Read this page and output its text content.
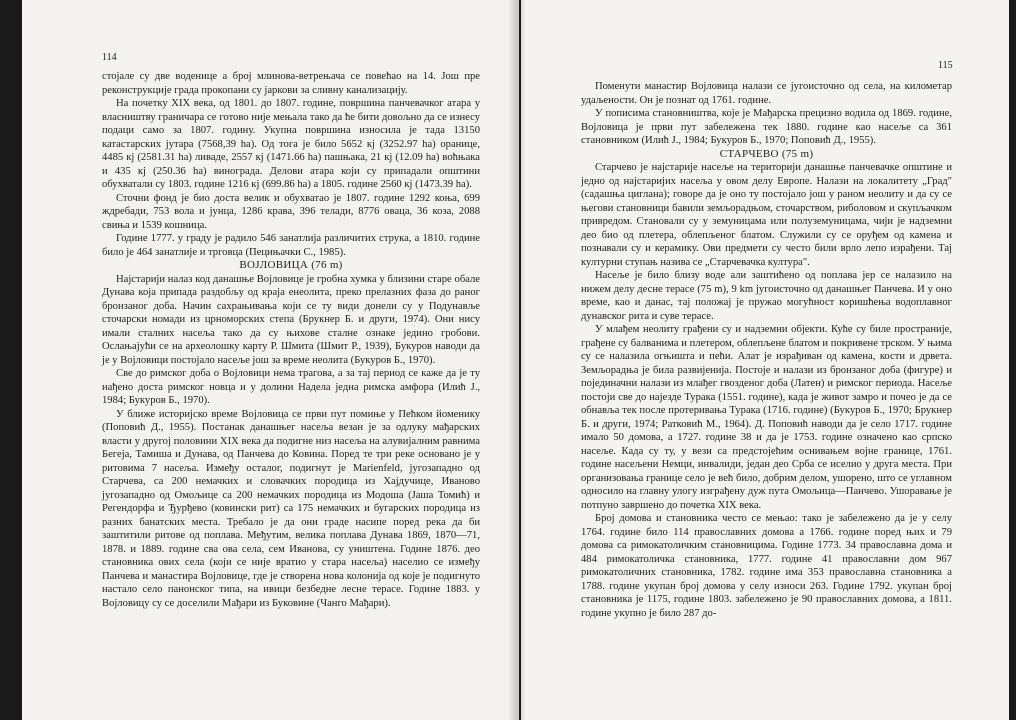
114

стојале су две воденице а број млинова-ветрењача се повећао на 14. Још пре реконструкције града прокопани су јаркови за сливну канализацију.

На почетку XIX века, од 1801. до 1807. године, површина панчевачког атара у власништву граничара се готово није мењала тако да ће бити довољно да се изнесу подаци само за 1807. годину. Укупна површина износила је тада 13150 катастарских јутара (7568,39 ha). Од тога је било 5652 кј (3252.97 ha) оранице, 4485 кј (2581.31 ha) ливаде, 2557 кј (1471.66 ha) пашњака, 21 кј (12.09 ha) воћњака и 435 кј (250.36 ha) винограда. Делови атара који су припадали општини обухватали су 1803. године 1216 кј (699.86 ha) а 1805. године 2560 кј (1473.39 ha).

Сточни фонд је био доста велик и обухватао је 1807. године 1292 коња, 699 ждребади, 753 вола и јунца, 1286 крава, 396 телади, 8776 оваца, 36 коза, 2088 свиња и 1539 кошница.

Године 1777. у граду је радило 546 занатлија различитих струка, а 1810. године било је 464 занатлије и трговца (Пецињачки С., 1985).

ВОЈЛОВИЦА (76 m)

Најстарији налаз код данашње Војловице је гробна хумка у близини старе обале Дунава која припада раздобљу од краја енеолита, преко прелазних фаза до раног бронзаног доба. Начин сахрањивања који се ту види донели су у Подунавље сточарски номади из црноморских степа (Брукнер Б. и други, 1974). Они нису имали сталних насеља тако да су њихове сталне ознаке једино гробови. Ослањајући се на археолошку карту Р. Шмита (Шмит Р., 1939), Букуров наводи да је у Војловици постојало насеље још за време неолита (Букуров Б., 1970).

Све до римског доба о Војловици нема трагова, а за тај период се каже да је ту нађено доста римског новца и у долини Надела једна римска амфора (Илић Ј., 1984; Букуров Б., 1970).

У ближе историјско време Војловица се први пут помиње у Пећком йоменику (Поповић Д., 1955). Постанак данашњег насеља везан је за одлуку мађарских власти у другој половини XIX века да подигне низ насеља на алувијалним равнима Бегеја, Тамиша и Дунава, од Панчева до Ковина. Поред те три реке основано је у ритовима 7 насеља. Између осталог, подигнут је Marienfeld, југозападно од Старчева, са 200 немачких и словачких породица из Хајдучице, Иваново југозападно од Омољице са 200 немачких породица из Модоша (Јаша Томић) и Регендорфа и Ђурђево (ковински рит) са 175 немачких и бугарских породица из разних банатских места. Требало је да они граде насипе поред река да би заштитили ритове од поплава. Међутим, велика поплава Дунава 1869, 1870—71, 1878. и 1889. године сва ова села, сем Иванова, су уништена. Године 1876. део становника ових села (који се није вратио у стара насеља) населио се између Панчева и манастира Војловице, где је створена нова колонија од које је подигнуто настало село панонског типа, на ивици безбедне лесне терасе. Године 1883. у Војловицу су се доселили Мађари из Буковине (Чанго Мађари).

115

Поменути манастир Војловица налази се југоисточно од села, на километар удаљености. Он је познат од 1761. године.

У пописима становништва, које је Мађарска прецизно водила од 1869. године, Војловица је први пут забележена тек 1880. године као насеље са 361 становником (Илић Ј., 1984; Букуров Б., 1970; Поповић Д., 1955).

СТАРЧЕВО (75 m)

Старчево је најстарије насеље на територији данашње панчевачке општине и једно од најстаријих насеља у овом делу Европе. Налази на локалитету „Град" (садашња циглана); говоре да је оно ту постојало још у раном неолиту и да су се његови становници бавили земљорадњом, сточарством, риболовом и скупљачком привредом. Становали су у земуницама или полуземуницама, чији је надземни део био од плетера, облепљеног блатом. Служили су се оруђем од камена и познавали су и керамику. Ови предмети су често били врло лепо израђени. Тај културни ступањ назива се „Старчевачка култура".

Насеље је било близу воде али заштићено од поплава јер се налазило на нижем делу десне терасе (75 m), 9 km југоисточно од данашњег Панчева. И у оно време, као и данас, тај положај је пружао могућност коришћења водоплавног дунавског рита и суве терасе.

У млађем неолиту грађени су и надземни објекти. Куће су биле пространије, грађене су балванима и плетером, облепљене блатом и покривене трском. У њима су се налазила огњишта и пећи. Алат је израђиван од камена, кости и дрвета. Земљорадња је била развијенија. Постоје и налази из бронзаног доба (фигуре) и појединачни налази из млађег гвозденог доба (Латен) и римског периода. Насеље постоји све до најезде Турака (1551. године), када је живот замро и почео је да се обнавља тек после протеривања Турака (1716. године) (Букуров Б., 1970; Брукнер Б. и други, 1974; Ратковић М., 1964). Д. Поповић наводи да је село 1717. године имало 50 домова, а 1727. године 38 и да је 1753. године означено као српско насеље. Када су ту, у вези са предстојећим оснивањем војне границе, 1761. године насељени Немци, инвалиди, један део Срба се иселио у друга места. При организовања границе село је већ било, добрим делом, ушорено, што се углавном односило на главну улогу изграђену дуж пута Омољица—Панчево. Ушоравање је потпуно завршено до почетка XIX века.

Број домова и становника често се мењао: тако је забележено да је у селу 1764. године било 114 православних домова а 1766. године поред њих и 79 домова са римокатоличким становницима. Године 1773. 34 православна дома и 484 римокатоличка становника, 1777. године 41 православни дом 967 римокатоличних становника, 1782. године има 353 православна становника а 1788. године укупан број домова у селу износи 263. Године 1792. укупан број становника је 1175, године 1803. забележено је 90 православних домова, а 1811. године укупно је било 287 до-
